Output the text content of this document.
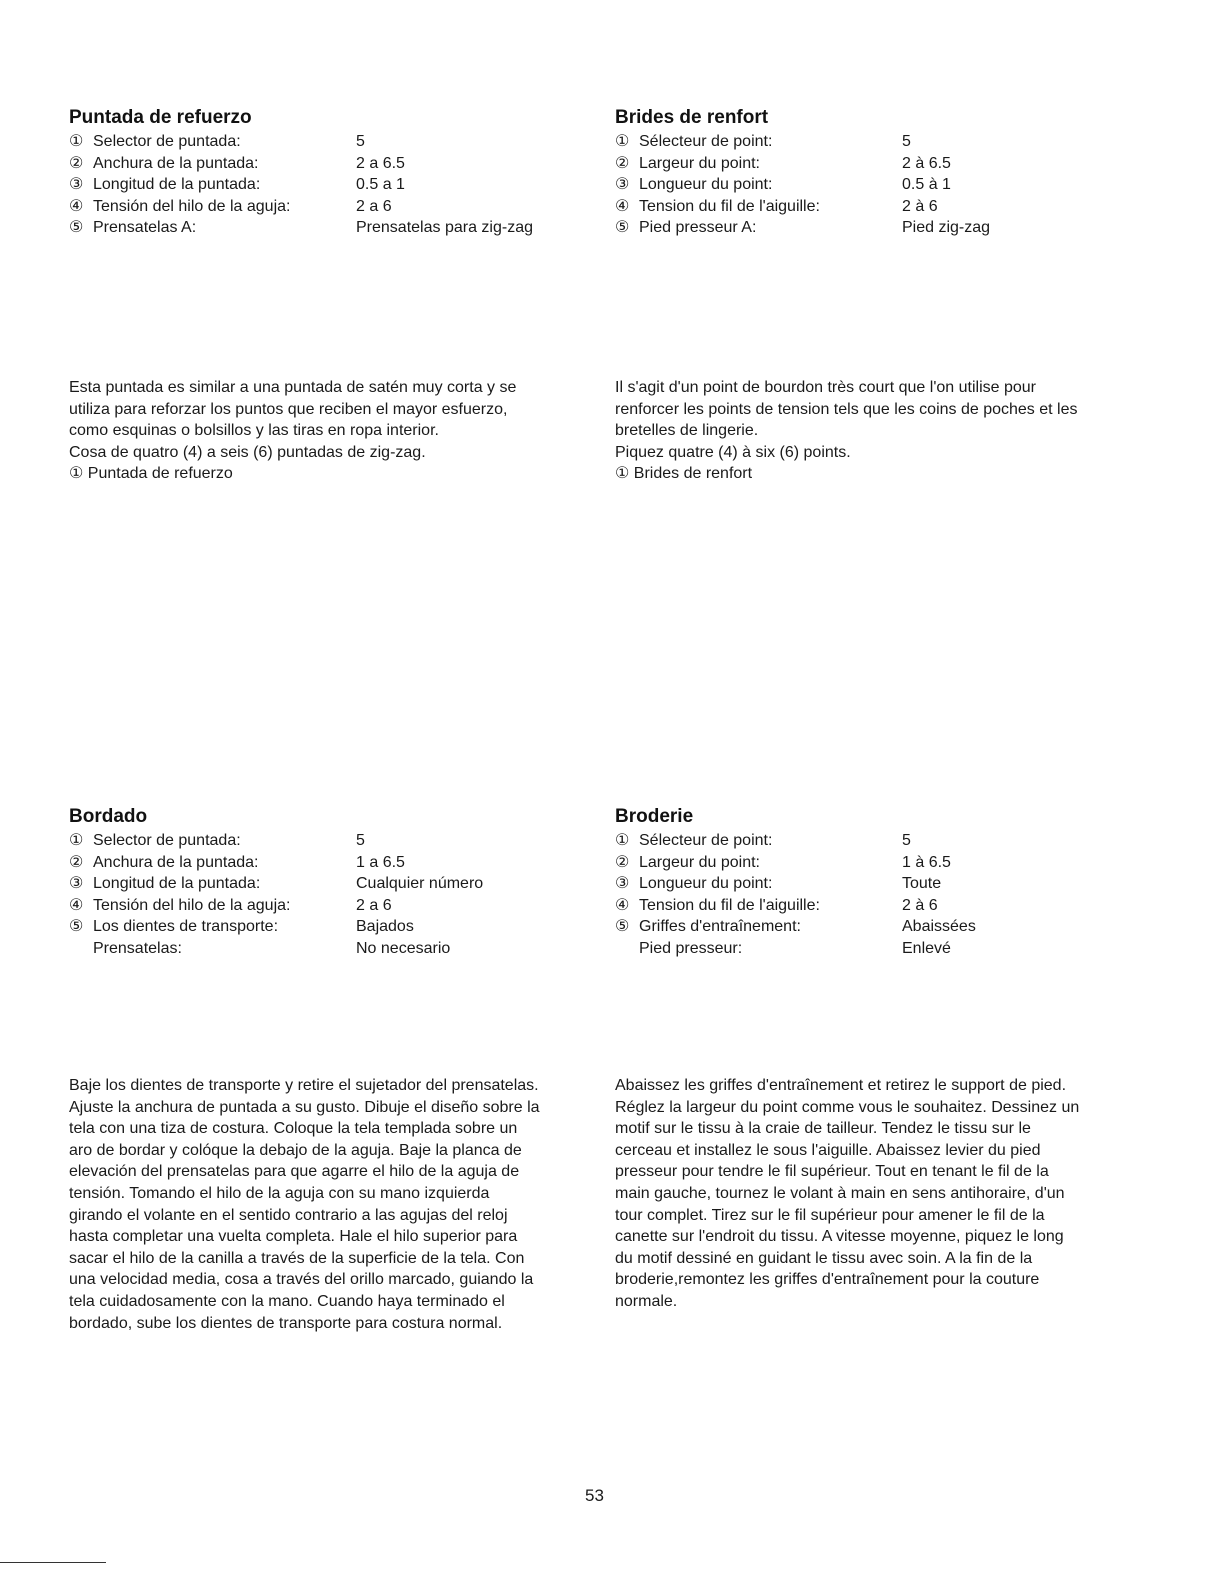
Puntada de refuerzo
① Selector de puntada:	5
② Anchura de la puntada:	2 a 6.5
③ Longitud de la puntada:	0.5 a 1
④ Tensión del hilo de la aguja:	2 a 6
⑤ Prensatelas A:	Prensatelas para zig-zag
Brides de renfort
① Sélecteur de point:	5
② Largeur du point:	2 à 6.5
③ Longueur du point:	0.5 à 1
④ Tension du fil de l'aiguille:	2 à 6
⑤ Pied presseur A:	Pied zig-zag

Esta puntada es similar a una puntada de satén muy corta y se

utiliza para reforzar los puntos que reciben el mayor esfuerzo,

como esquinas o bolsillos y las tiras en ropa interior.

Cosa de quatro (4) a seis (6) puntadas de zig-zag.

① Puntada de refuerzo

Il s'agit d'un point de bourdon très court que l'on utilise pour

renforcer les points de tension tels que les coins de poches et les

bretelles de lingerie.

Piquez quatre (4) à six (6) points.

① Brides de renfort

Bordado
① Selector de puntada:	5
② Anchura de la puntada:	1 a 6.5
③ Longitud de la puntada:	Cualquier número
④ Tensión del hilo de la aguja:	2 a 6
⑤ Los dientes de transporte:	Bajados
Prensatelas:	No necesario
Broderie
① Sélecteur de point:	5
② Largeur du point:	1 à 6.5
③ Longueur du point:	Toute
④ Tension du fil de l'aiguille:	2 à 6
⑤ Griffes d'entraînement:	Abaissées
Pied presseur:	Enlevé

Baje los dientes de transporte y retire el sujetador del prensatelas.

Ajuste la anchura de puntada a su gusto. Dibuje el diseño sobre la

tela con una tiza de costura. Coloque la tela templada sobre un

aro de bordar y colóque la debajo de la aguja. Baje la planca de

elevación del prensatelas para que agarre el hilo de la aguja de

tensión. Tomando el hilo de la aguja con su mano izquierda

girando el volante en el sentido contrario a las agujas del reloj

hasta completar una vuelta completa. Hale el hilo superior para

sacar el hilo de la canilla a través de la superficie de la tela. Con

una velocidad media, cosa a través del orillo marcado, guiando la

tela cuidadosamente con la mano. Cuando haya terminado el

bordado, sube los dientes de transporte para costura normal.

Abaissez les griffes d'entraînement et retirez le support de pied.

Réglez la largeur du point comme vous le souhaitez. Dessinez un

motif sur le tissu à la craie de tailleur. Tendez le tissu sur le

cerceau et installez le sous l'aiguille. Abaissez levier du pied

presseur pour tendre le fil supérieur. Tout en tenant le fil de la

main gauche, tournez le volant à main en sens antihoraire, d'un

tour complet. Tirez sur le fil supérieur pour amener le fil de la

canette sur l'endroit du tissu. A vitesse moyenne, piquez le long

du motif dessiné en guidant le tissu avec soin. A la fin de la

broderie,remontez les griffes d'entraînement pour la couture

normale.

53
